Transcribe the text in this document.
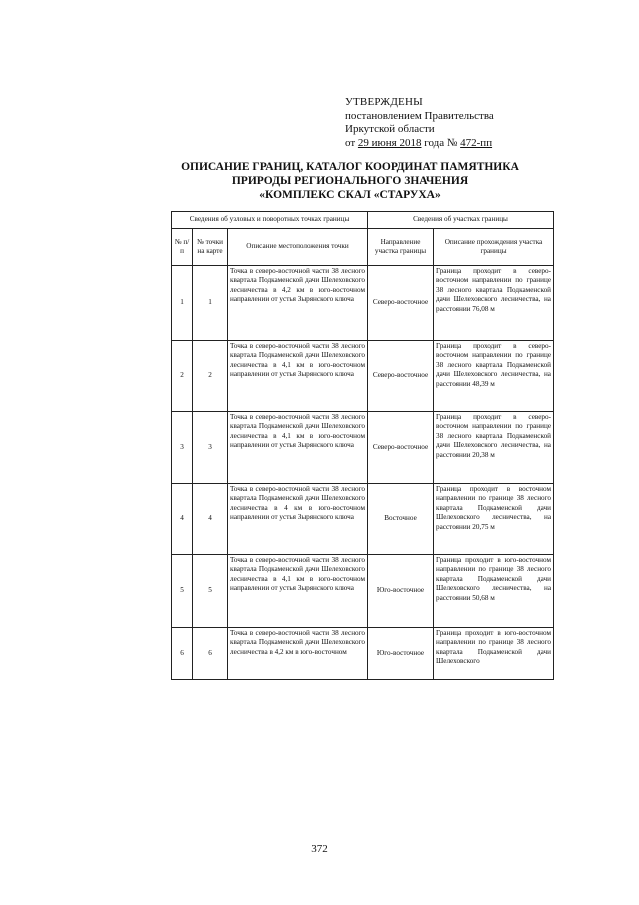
УТВЕРЖДЕНЫ
постановлением Правительства
Иркутской области
от 29 июня 2018 года № 472-пп
ОПИСАНИЕ ГРАНИЦ, КАТАЛОГ КООРДИНАТ ПАМЯТНИКА
ПРИРОДЫ РЕГИОНАЛЬНОГО ЗНАЧЕНИЯ
«КОМПЛЕКС СКАЛ «СТАРУХА»
Сведения об узловых и поворотных точках границы			Сведения об участках границы	
№ п/п	№ точки на карте	Описание местоположения точки	Направление участка границы	Описание прохождения участка границы
1	1	Точка в северо-восточной части 38 лесного квартала Подкаменской дачи Шелеховского лесничества в 4,2 км в юго-восточном направлении от устья Зырянского ключа	Северо-восточное	Граница проходит в северо-восточном направлении по границе 38 лесного квартала Подкаменской дачи Шелеховского лесничества, на расстоянии 76,08 м
2	2	Точка в северо-восточной части 38 лесного квартала Подкаменской дачи Шелеховского лесничества в 4,1 км в юго-восточном направлении от устья Зырянского ключа	Северо-восточное	Граница проходит в северо-восточном направлении по границе 38 лесного квартала Подкаменской дачи Шелеховского лесничества, на расстоянии 48,39 м
3	3	Точка в северо-восточной части 38 лесного квартала Подкаменской дачи Шелеховского лесничества в 4,1 км в юго-восточном направлении от устья Зырянского ключа	Северо-восточное	Граница проходит в северо-восточном направлении по границе 38 лесного квартала Подкаменской дачи Шелеховского лесничества, на расстоянии 20,38 м
4	4	Точка в северо-восточной части 38 лесного квартала Подкаменской дачи Шелеховского лесничества в 4 км в юго-восточном направлении от устья Зырянского ключа	Восточное	Граница проходит в восточном направлении по границе 38 лесного квартала Подкаменской дачи Шелеховского лесничества, на расстоянии 20,75 м
5	5	Точка в северо-восточной части 38 лесного квартала Подкаменской дачи Шелеховского лесничества в 4,1 км в юго-восточном направлении от устья Зырянского ключа	Юго-восточное	Граница проходит в юго-восточном направлении по границе 38 лесного квартала Подкаменской дачи Шелеховского лесничества, на расстоянии 50,68 м
6	6	Точка в северо-восточной части 38 лесного квартала Подкаменской дачи Шелеховского лесничества в 4,2 км в юго-восточном	Юго-восточное	Граница проходит в юго-восточном направлении по границе 38 лесного квартала Подкаменской дачи Шелеховского
372
